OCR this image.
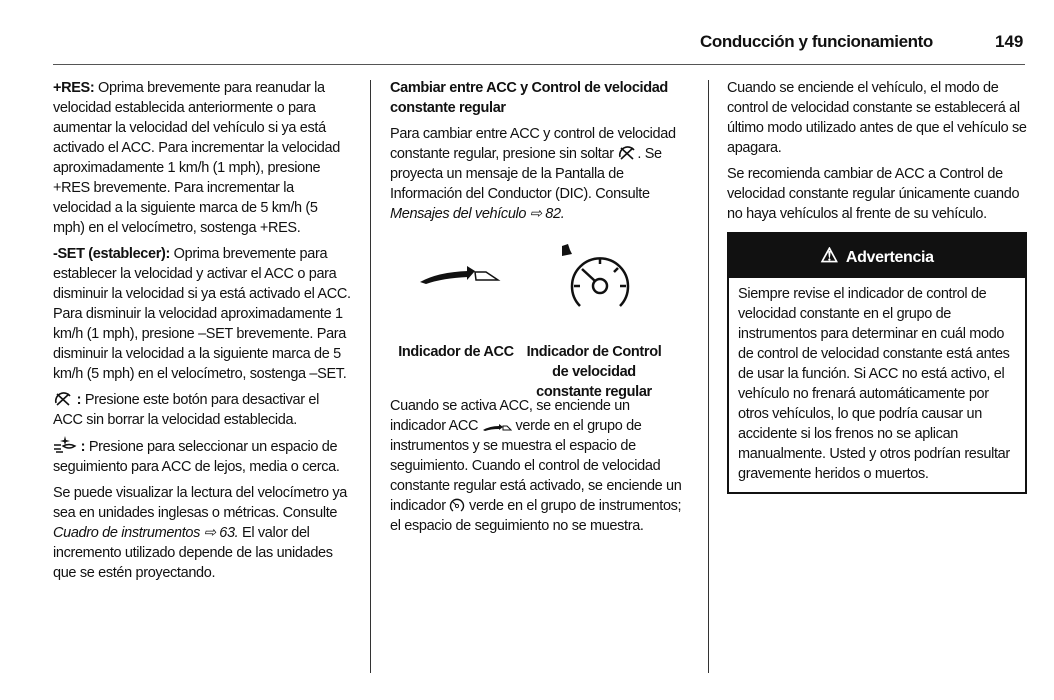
Conducción y funcionamiento	149

+RES: Oprima brevemente para reanudar la velocidad establecida anteriormente o para aumentar la velocidad del vehículo si ya está activado el ACC. Para incrementar la velocidad aproximadamente 1 km/h (1 mph), presione +RES brevemente. Para incrementar la velocidad a la siguiente marca de 5 km/h (5 mph) en el velocímetro, sostenga +RES.

-SET (establecer): Oprima brevemente para establecer la velocidad y activar el ACC o para disminuir la velocidad si ya está activado el ACC. Para disminuir la velocidad aproximadamente 1 km/h (1 mph), presione –SET brevemente. Para disminuir la velocidad a la siguiente marca de 5 km/h (5 mph) en el velocímetro, sostenga –SET.

: Presione este botón para desactivar el ACC sin borrar la velocidad establecida.

: Presione para seleccionar un espacio de seguimiento para ACC de lejos, media o cerca.

Se puede visualizar la lectura del velocímetro ya sea en unidades inglesas o métricas. Consulte Cuadro de instrumentos ⇨ 63. El valor del incremento utilizado depende de las unidades que se estén proyectando.

Cambiar entre ACC y Control de velocidad constante regular

Para cambiar entre ACC y control de velocidad constante regular, presione sin soltar . Se proyecta un mensaje de la Pantalla de Información del Conductor (DIC). Consulte Mensajes del vehículo ⇨ 82.

Indicador de ACC Indicador de Control de velocidad constante regular

Cuando se activa ACC, se enciende un indicador ACC  verde en el grupo de instrumentos y se muestra el espacio de seguimiento. Cuando el control de velocidad constante regular está activado, se enciende un indicador  verde en el grupo de instrumentos; el espacio de seguimiento no se muestra.

Cuando se enciende el vehículo, el modo de control de velocidad constante se establecerá al último modo utilizado antes de que el vehículo se apagara.

Se recomienda cambiar de ACC a Control de velocidad constante regular únicamente cuando no haya vehículos al frente de su vehículo.

⚠ Advertencia
Siempre revise el indicador de control de velocidad constante en el grupo de instrumentos para determinar en cuál modo de control de velocidad constante está antes de usar la función. Si ACC no está activo, el vehículo no frenará automáticamente por otros vehículos, lo que podría causar un accidente si los frenos no se aplican manualmente. Usted y otros podrían resultar gravemente heridos o muertos.
